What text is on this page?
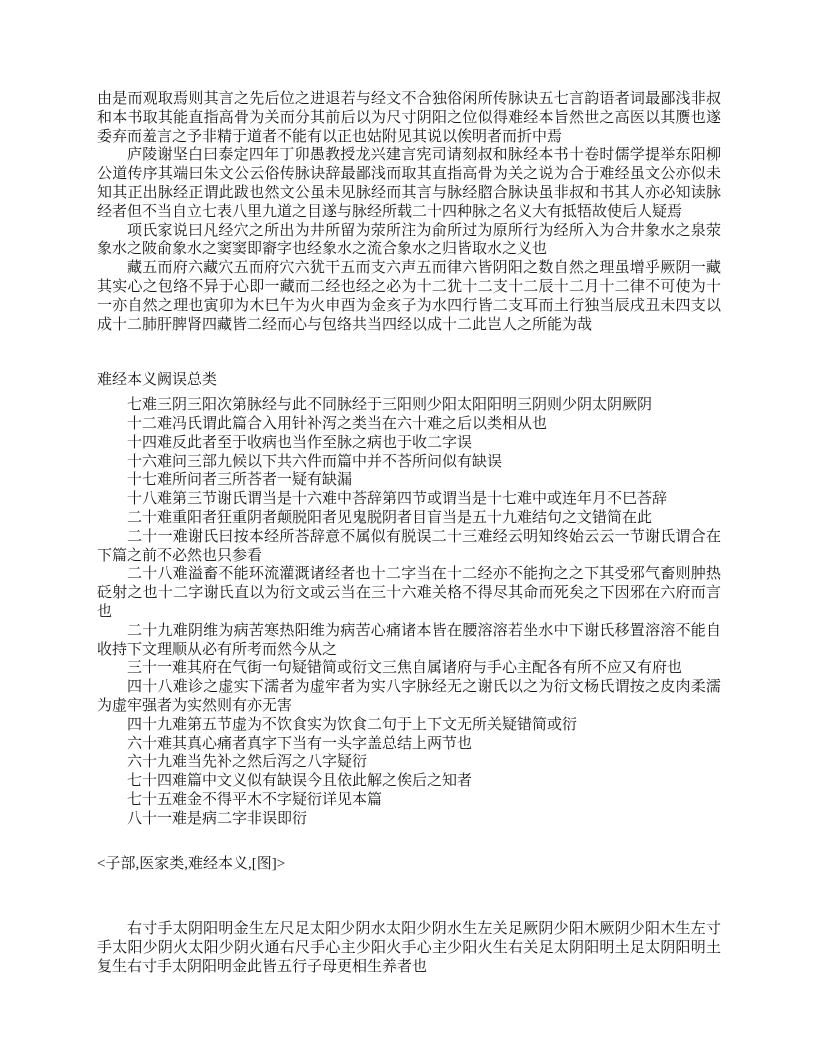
由是而观取焉则其言之先后位之进退若与经文不合独俗闲所传脉诀五七言韵语者词最鄙浅非叔和本书取其能直指高骨为关而分其前后以为尺寸阴阳之位似得难经本旨然世之高医以其赝也遂委弃而羞言之予非精于道者不能有以正也姑附见其说以俟明者而折中焉

庐陵谢坚白曰泰定四年丁卯愚教授龙兴建言宪司请刻叔和脉经本书十卷时儒学提举东阳柳公道传序其端曰朱文公云俗传脉诀辞最鄙浅而取其直指高骨为关之说为合于难经虽文公亦似未知其正出脉经正谓此跋也然文公虽未见脉经而其言与脉经脗合脉诀虽非叔和书其人亦必知读脉经者但不当自立七表八里九道之目遂与脉经所载二十四种脉之名义大有抵牾故使后人疑焉

项氏家说曰凡经穴之所出为井所留为荥所注为俞所过为原所行为经所入为合井象水之泉荥象水之陂俞象水之窦窦即窬字也经象水之流合象水之归皆取水之义也

藏五而府六藏穴五而府穴六犹干五而支六声五而律六皆阴阳之数自然之理虽增乎厥阴一藏其实心之包络不异于心即一藏而二经也经之必为十二犹十二支十二辰十二月十二律不可使为十一亦自然之理也寅卯为木巳午为火申酉为金亥子为水四行皆二支耳而土行独当辰戌丑未四支以成十二肺肝脾肾四藏皆二经而心与包络共当四经以成十二此岂人之所能为哉

难经本义阙误总类

七难三阴三阳次第脉经与此不同脉经于三阳则少阳太阳阳明三阴则少阴太阴厥阴

十二难冯氏谓此篇合入用针补泻之类当在六十难之后以类相从也

十四难反此者至于收病也当作至脉之病也于收二字误

十六难问三部九候以下共六件而篇中并不荅所问似有缺误

十七难所问者三所荅者一疑有缺漏

十八难第三节谢氏谓当是十六难中荅辞第四节或谓当是十七难中或连年月不巳荅辞

二十难重阳者狂重阴者颠脱阳者见鬼脱阴者目盲当是五十九难结句之文错简在此

二十一难谢氏曰按本经所荅辞意不属似有脱误二十三难经云明知终始云云一节谢氏谓合在下篇之前不必然也只参看

二十八难溢畜不能环流灌溉诸经者也十二字当在十二经亦不能拘之之下其受邪气畜则肿热砭射之也十二字谢氏直以为衍文或云当在三十六难关格不得尽其命而死矣之下因邪在六府而言也

二十九难阴维为病苦寒热阳维为病苦心痛诸本皆在腰溶溶若坐水中下谢氏移置溶溶不能自收持下文理顺从必有所考而然今从之

三十一难其府在气街一句疑错简或衍文三焦自属诸府与手心主配各有所不应又有府也

四十八难诊之虚实下濡者为虚牢者为实八字脉经无之谢氏以之为衍文杨氏谓按之皮肉柔濡为虚牢强者为实然则有亦无害

四十九难第五节虚为不饮食实为饮食二句于上下文无所关疑错简或衍

六十难其真心痛者真字下当有一头字盖总结上两节也

六十九难当先补之然后泻之八字疑衍

七十四难篇中文义似有缺误今且依此解之俟后之知者

七十五难金不得平木不字疑衍详见本篇

八十一难是病二字非误即衍

<子部,医家类,难经本义,[图]>

右寸手太阴阳明金生左尺足太阳少阴水太阳少阴水生左关足厥阴少阳木厥阴少阳木生左寸手太阳少阴火太阳少阴火通右尺手心主少阳火手心主少阳火生右关足太阴阳明土足太阴阳明土复生右寸手太阴阳明金此皆五行子母更相生养者也
